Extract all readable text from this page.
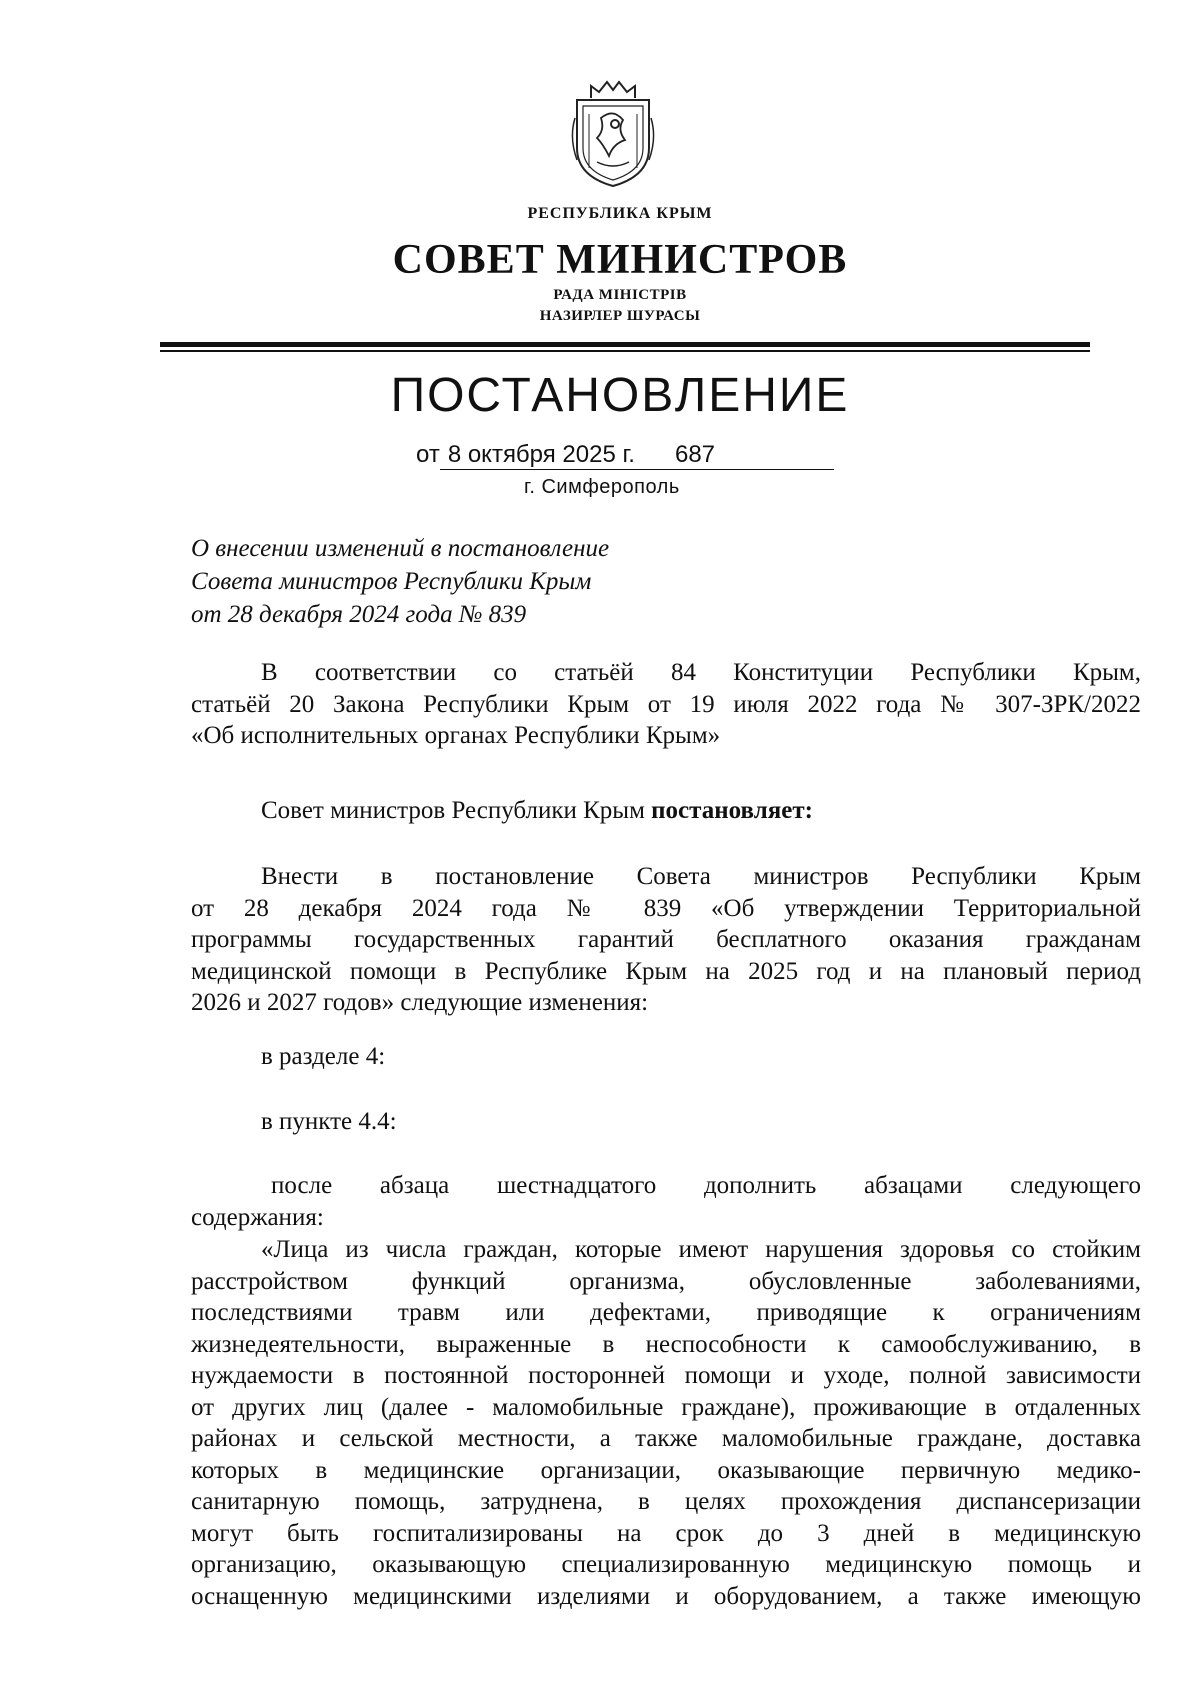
РЕСПУБЛИКА КРЫМ
СОВЕТ МИНИСТРОВ
РАДА МІНІСТРІВ
НАЗИРЛЕР ШУРАСЫ
ПОСТАНОВЛЕНИЕ
от 8 октября 2025 г. 687
г. Симферополь
О внесении изменений в постановление
Совета министров Республики Крым
от 28 декабря 2024 года № 839
В соответствии со статьёй 84 Конституции Республики Крым,
статьёй 20 Закона Республики Крым от 19 июля 2022 года № 307-ЗРК/2022
«Об исполнительных органах Республики Крым»
Совет министров Республики Крым постановляет:
Внести в постановление Совета министров Республики Крым
от 28 декабря 2024 года № 839 «Об утверждении Территориальной
программы государственных гарантий бесплатного оказания гражданам
медицинской помощи в Республике Крым на 2025 год и на плановый период
2026 и 2027 годов» следующие изменения:
в разделе 4:
в пункте 4.4:
после абзаца шестнадцатого дополнить абзацами следующего
содержания:
«Лица из числа граждан, которые имеют нарушения здоровья со стойким
расстройством функций организма, обусловленные заболеваниями,
последствиями травм или дефектами, приводящие к ограничениям
жизнедеятельности, выраженные в неспособности к самообслуживанию, в
нуждаемости в постоянной посторонней помощи и уходе, полной зависимости
от других лиц (далее - маломобильные граждане), проживающие в отдаленных
районах и сельской местности, а также маломобильные граждане, доставка
которых в медицинские организации, оказывающие первичную медико-
санитарную помощь, затруднена, в целях прохождения диспансеризации
могут быть госпитализированы на срок до 3 дней в медицинскую
организацию, оказывающую специализированную медицинскую помощь и
оснащенную медицинскими изделиями и оборудованием, а также имеющую
